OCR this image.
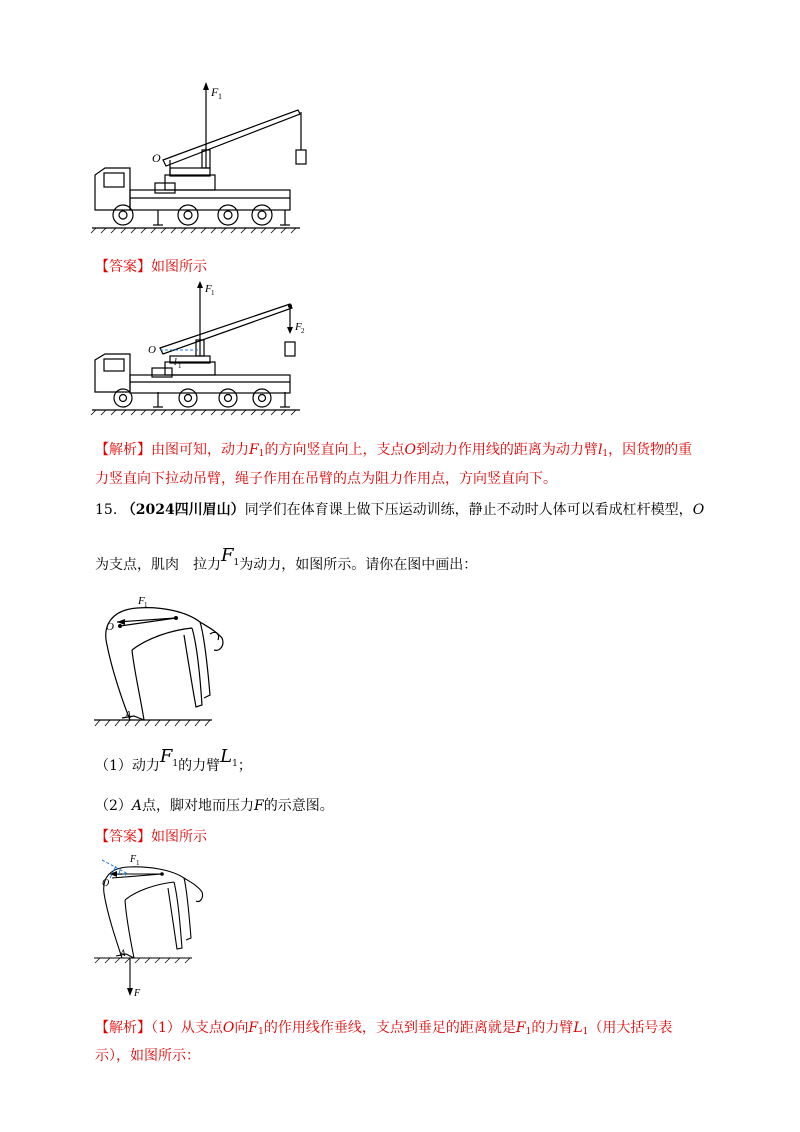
F 1
O
【答案】如图所示
F 1
F 2
O
l 1
【解析】由图可知，动力$F_1$的方向竖直向上，支点O到动力作用线的距离为动力臂$l_1$，因货物的重
力竖直向下拉动吊臂，绳子作用在吊臂的点为阻力作用点，方向竖直向下。
15. （2024四川眉山）同学们在体育课上做下压运动训练，静止不动时人体可以看成杠杆模型，O
为支点，肌肉　拉力$F^1$为动力，如图所示。请你在图中画出：
F 1
O
A
（1）动力$F^1$的力臂$L^1$；
（2）A点，脚对地而压力F的示意图。
【答案】如图所示
F 1
L 1
O
A
F
【解析】（1）从支点O向$F_1$的作用线作垂线，支点到垂足的距离就是$F_1$的力臂$L_1$（用大括号表
示），如图所示：
